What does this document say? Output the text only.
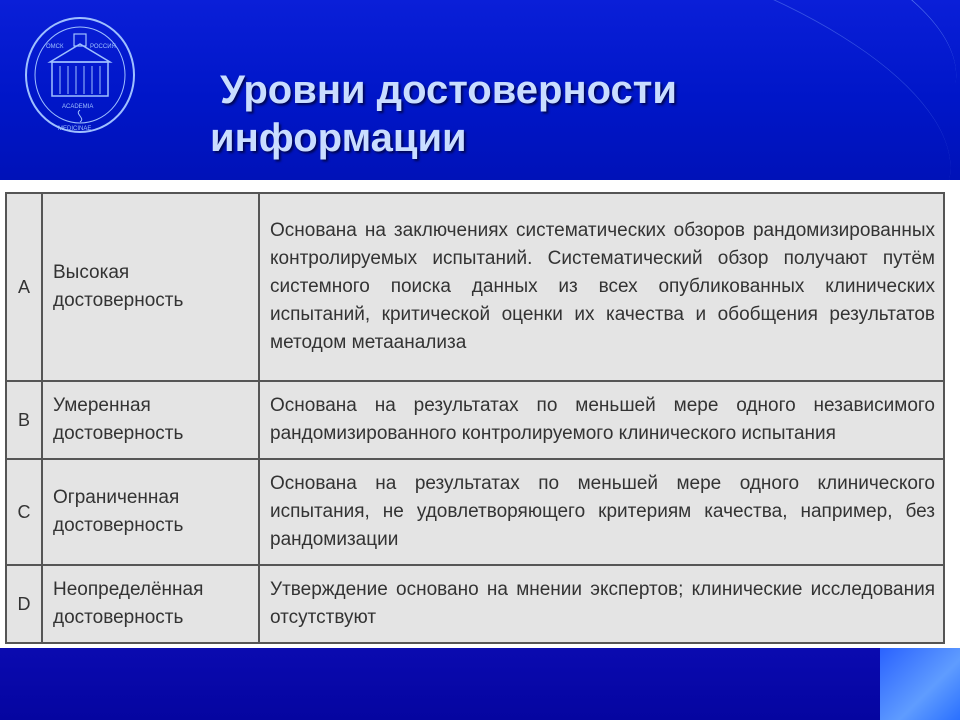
ОМСК	РОССИЯ
ACADEMIA
MEDICINAE
Уровни достоверности
информации
A	Высокая достоверность	Основана на заключениях систематических обзоров рандомизированных контролируемых испытаний. Систематический обзор получают путём системного поиска данных из всех опубликованных клинических испытаний, критической оценки их качества и обобщения результатов методом метаанализа
B	Умеренная достоверность	Основана на результатах по меньшей мере одного независимого рандомизированного контролируемого клинического испытания
C	Ограниченная достоверность	Основана на результатах по меньшей мере одного клинического испытания, не удовлетворяющего критериям качества, например, без рандомизации
D	Неопределённая достоверность	Утверждение основано на мнении экспертов; клинические исследования отсутствуют
